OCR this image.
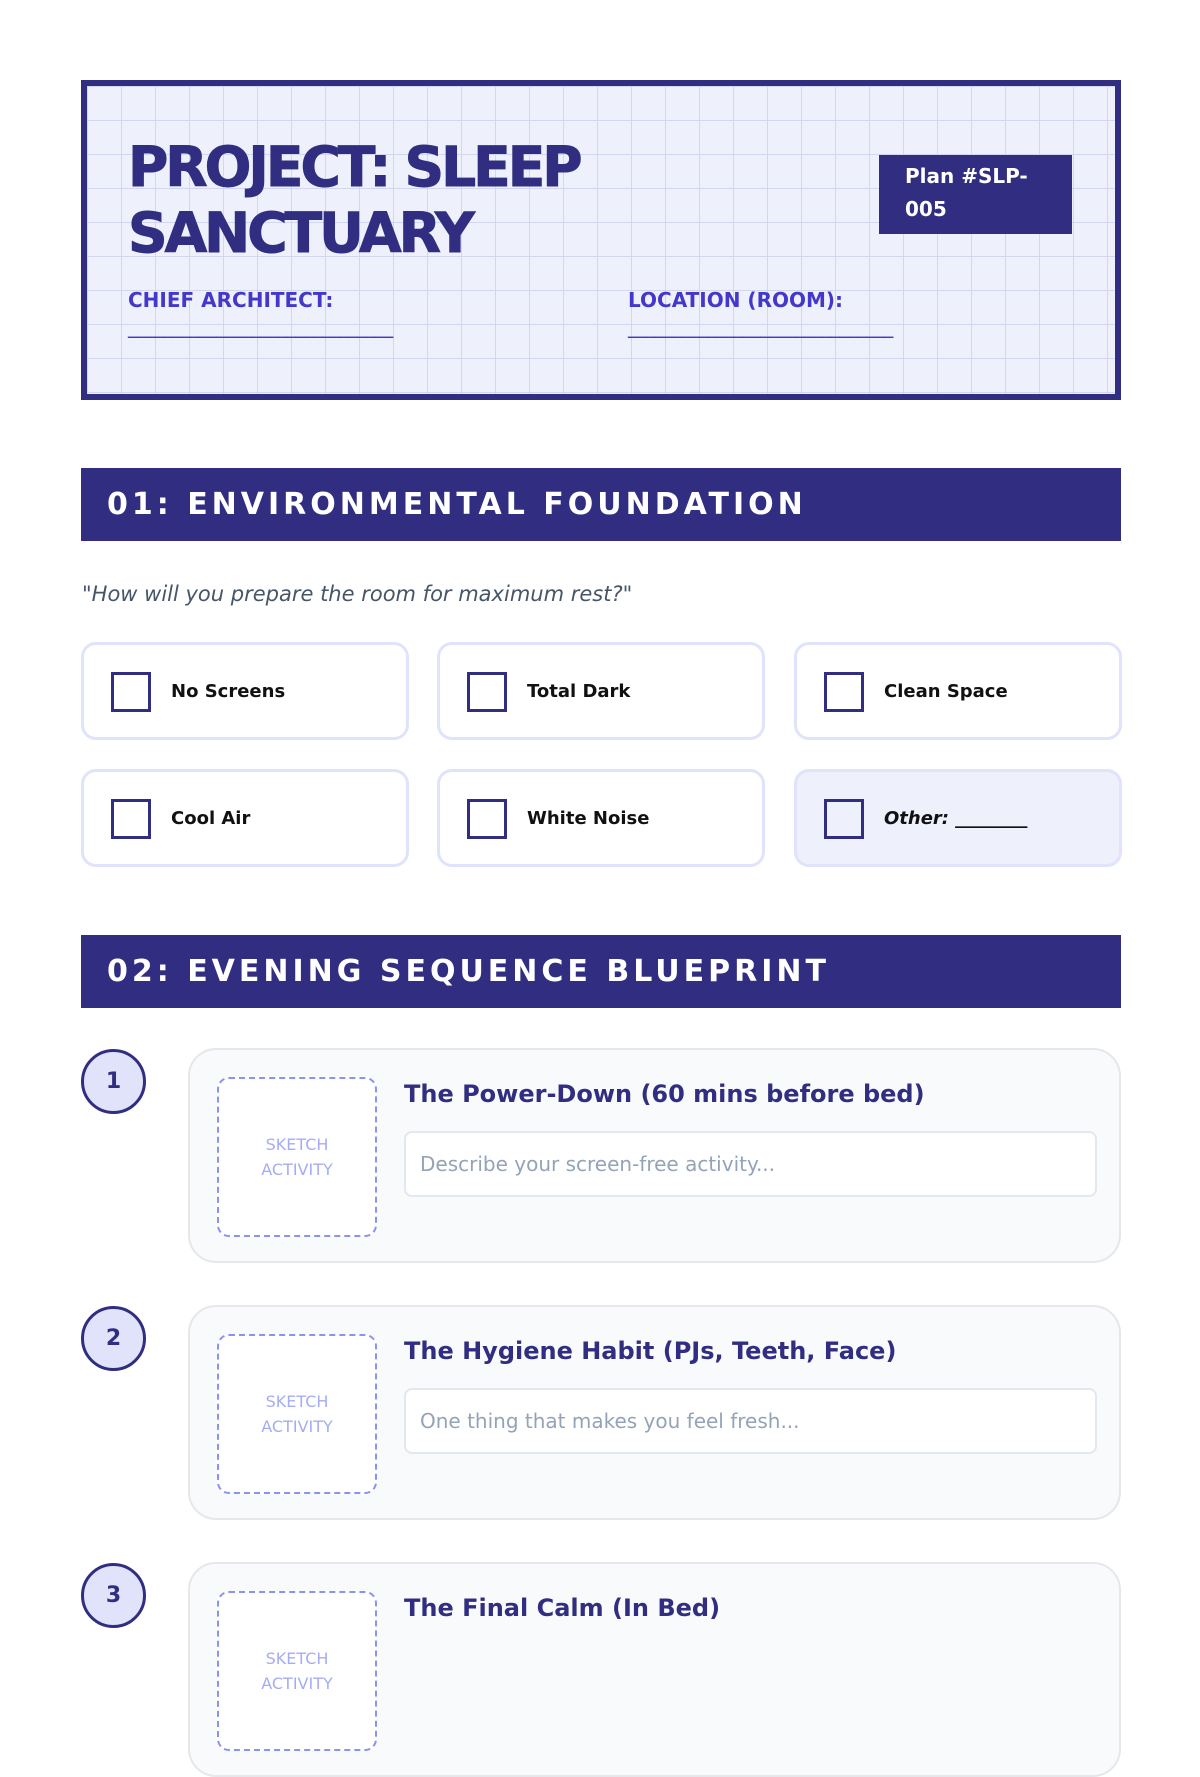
PROJECT: SLEEP
SANCTUARY
Plan #SLP-
005
CHIEF ARCHITECT:
______________________________
LOCATION (ROOM):
______________________________
01: ENVIRONMENTAL FOUNDATION
"How will you prepare the room for maximum rest?"
No Screens	Total Dark	Clean Space
Cool Air	White Noise	Other: ________
02: EVENING SEQUENCE BLUEPRINT
1
SKETCH ACTIVITY
The Power-Down (60 mins before bed)
Describe your screen-free activity...
2
SKETCH ACTIVITY
The Hygiene Habit (PJs, Teeth, Face)
One thing that makes you feel fresh...
3
SKETCH ACTIVITY
The Final Calm (In Bed)
